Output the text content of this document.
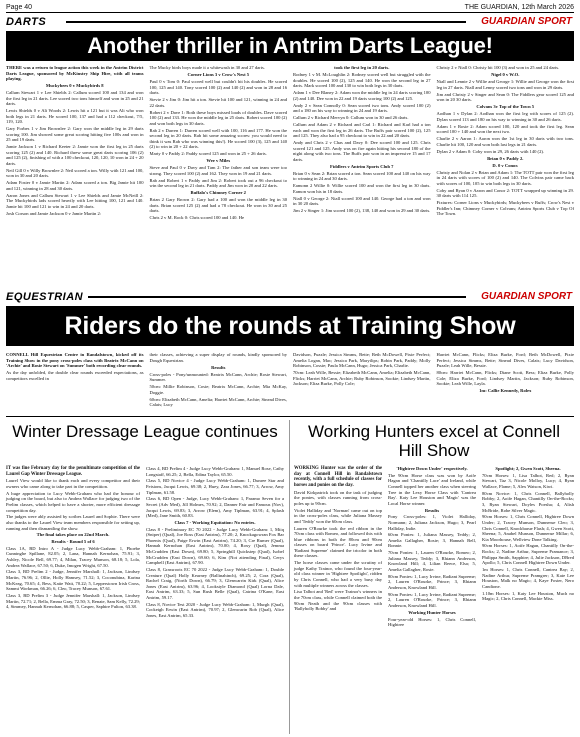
Page 40	THE GUARDIAN, 12th March 2026
DARTS	GUARDIAN SPORT
Another thriller in Antrim Darts League!

THERE was a return to league action this week in the Antrim District Darts League, sponsored by McKinstry Ship Hire, with all teams playing.

Muckybees 0 v Muckybirds 8

Callum Stewart 1 v Lee Shields 2: Callum scored 100 and 134 and won the first leg in 21 darts. Lee scored two tons himself and won in 25 and 21 darts.

Lewis Shields 0 v Ali Woods 2: Lewis hit a 121 but it was Ali who won both legs in 21 darts. He scored 100, 137 and had a 112 checkout, 7/5, 119, 120.

Gary Forbes 1 v Jim Brownlee 2: Gary won the middle leg in 29 darts scoring 100. Jim showed some great scoring hitting five 100s and won in 25 and 19 darts.

Jamie Jackson 1 v Richard Keeter 2: Jamie won the first leg in 25 darts scoring 125 (2) and 140. Richard threw some great darts scoring 106 (2) and 125 (2), finishing of with a 100 checkout, 120, 120, 10 won in 24 + 20 darts.

Neil Gill 0 v Willy Brownlee 2: Neil scored a ton. Willy with 121 and 100, won in 30 and 20 darts.

Adam Foster 0 v Jamie Martin 2: Adam scored a ton. Big Jamie hit 100 and 121, winning in 28 and 30 darts.

Aaron Jones and Callum Stewart 1 v Lee Shields and Jamie McNeill 2: The Muckybirds lads scored heavily with Lee hitting 100, 121 and 140. Jamie hit 100 and 121 to win in 24 and 20 darts.

Josh Corson and Jamie Jackson 0 v Jamie Martin 2:

The Mucky birds boys made it a whitewash in 30 and 27 darts.

Corner Lions 3 v Crow's Nest 5

Paul 0 v Tom 0: Paul scored well but couldn't hit his doubles. He scored 100, 125 and 140. Tony scored 100 (2) and 140 (2) and won in 28 and 16 darts.

Stevie 2 v Jim 0: Jim hit a ton. Stevie hit 100 and 121, winning in 24 and 22 darts.

Robert 2 v Dave 1: Both these boys missed loads of doubles. Dave scored 100 (2) and 133. He won the middle leg in 25 darts. Robert scored 100 (2) and won both legs in 30 darts.

Rab 2 v Darren 1: Darren scored well with 100, 116 and 177. He won the second leg in 20 darts. Rab hit some amazing scores: you would need to think it was Rab who was winning this!). He scored 100 (3), 125 and 140 (2) to win in 20 + 22 darts.

Marty 0 v Paddy 2: Paddy scored 125 and won in 25 + 26 darts.

Wee v Miles

Steve and Paul 0 v Davy and Tam 2: The father and son team were too strong. They scored 100 (2) and 162. They won in 19 and 21 darts.

Rab and Robert 1 v Paddy and Jim 2: Robert took out a 96 checkout to win the second leg in 21 darts. Paddy and Jim won in 20 and 22 darts.

Buffalo's Chimney Corner 2

Brian 2 Gary Brown 2: Gary had a 100 and won the middle leg in 30 darts. Brian scored 125 (2) and had a 78 checkout. He won in 30 and 25 darts.

Chris 2 v M. Rock 0: Chris scored 100 and 140. He

took the first leg in 20 darts.

Rodney 1 v M. McLoughlin 2: Rodney scored well but struggled with the doubles. He scored 100 (2), 125 and 140. He won the second leg in 27 darts. Mark scored 100 and 130 to win both legs in 30 darts.

Adam 1 v Dee Blaney 2: Adam won the middle leg in 24 darts scoring 100 (2) and 140. Dee won in 22 and 19 darts scoring 100 (2) and 125.

Andy 2 v Sean Connolly 0: Sean scored two tons. Andy scored 100 (2) and a 180 on his way to winning in 24 and 19 darts.

Callum 2 v Richard Mervyn 0: Callum won in 30 and 26 darts.

Callum and Adam 2 v Richard and Carl 1: Richard and Karl had a ton each and won the first leg in 26 darts. The Buffs pair scored 100 (2), 125 and 125. They also had a 95 checkout to win in 22 and 20 darts.

Andy and Chris 2 v Chas and Davy 0: Dee scored 100 and 125. Chris scored 121 and 125. Andy was on fire again hitting his second 180 of the night along with two tons. The Buffs pair won in an impressive 15 and 17 darts.

Fiddlers v Antrim Sports Club 7

Brian 0 v Sean 2: Brian scored a ton. Sean scored 100 and 140 on his way to winning in 24 and 30 darts.

Eamonn 2 Willie 0: Willie scored 100 and won the first leg in 30 darts. Eamon won his in 18 darts.

Niall 0 v George 2: Niall scored 100 and 140. George had a ton and won in 30 20 darts.

Jim 2 v Singer 1: Jim scored 100 (2), 138, 140 and won in 29 and 30 darts.

Christy 2 v Niall 0: Christy hit 100 (3) and won in 25 and 24 darts.

Nigel 0 v W.O.

Niall and Lennie 2 v Willie and George 1: Willie and George won the first leg in 27 darts. Niall and Lenny scored two tons and won in 29 darts.

Jim and Christy 2 v Singer and Sean 0: The Fiddlers gear scored 125 and won in 20 30 darts.

Colvans 3v Top of the Town 5

Aodhan 1 v Dylan 2: Aodhan won the first leg with scores of 125 (2). Dylan scored 113 and 180 on his way to winning in 30 and 26 darts.

Adam 1 v Rosie 2: Adam scored 100, 120 and took the first leg. Sean scored 100 + 140 and won the next two.

Charlie 2 v Aaron 1: Aaron won the 1st leg in 30 darts with two tons. Charlie hit 100, 120 and won both last legs in 21 darts.

Dylan 2 v Adam 0: Coby won in 29, 26 darts with 140 (2).

Brian 0 v Paddy 2.

D. 0 v Conor.

Christy and Nolan 2 v Brian and Adam 1: The TOTT pair won the first leg in 24 darts with scores of 100 (2) and 140. The Colvins pair came back with scores of 100, 105 to win both legs in 30 darts.

Coby and Ryan 0 v Aaron and Conor 2: TOTT wrapped up winning in 29. 30 darts with 114 125.

Fixtures: Corner Lions v Muckybirds; Muckybees v Buffs; Crow's Nest v Fiddler's Inn; Chimney Corner v Colvans; Antrim Sports Club v Top Of The Town.

EQUESTRIAN	GUARDIAN SPORT
Riders do the rounds at Training Show

CONNELL Hill Equestrian Centre in Randalstown, kicked off its Training Show in the pony cross-poles class with Beatrix McCann on 'Archie' and Rosie Stewart on 'Summer' both recording clear rounds.

As the day unfolded, the double clear rounds exceeded expectations, as competitors excelled in

their classes, achieving a super display of rounds, kindly sponsored by Dough Equestrian.

Results

Cross-poles - Pony/unmounted: Beatrix McCann, Archie; Rosie Stewart, Summer.

50cm: Millie Robinson, Cosie; Beatrix McCann, Archie; Mia McKay, Doggie.

60cm: Elizabeth McCann, Amelia; Harriet McCann, Archie; Sinead Dives, Calais; Lucy

Davidson, Puzzle; Jessica Simms, Bette; Beth McDowell, Pixie Perfect; Amelia Logan, Mac; Jessica Park, Maryilips; Robin Park, Paddy; Molly Robinson, Cossie; Paula McCann, Hugo; Jessica Park, Charlie.

70cm: Leah Wille, Bessie; Elizabeth McCann, Amelia; Elizabeth McCann, Flicks; Harriet McCann, Archie; Ruby Robinson, Sookie; Lindsey Martin, Jackson; Eliza Burke, Polly Cole;

Harriet McCann, Flicks; Eliza Burke, Ford; Beth McDowell, Pixie Perfect; Jessica Simms, Bette; Sinead Dives, Calais; Lucy Davidson, Puzzle; Leah Wille, Bessie.

80cm: Harriet McCann, Flicks; Diane Scott, Bess; Eliza Burke, Polly Cole; Eliza Burke, Ford; Lindsey Martin, Jackson; Ruby Robinson, Sookie; Leah Wille, Layla.

1m: Callie Kennedy, Rolex

Winter Dressage League continues

IT was fine February day for the penultimate competition of the Laurel Gap Winter Dressage League.

Laurel View would like to thank each and every competitor and their owners who came along to take part in the competition.

A huge appreciation to Lucy Webb-Graham who had the honour of judging on the board, but also to Andrea Wallace for judging two of the Prelim classes, which helped to have a shorter, more efficient dressage competition day.

The judges were ably assisted by scribes Laurel and Sophie. There were also thanks to the Laurel View team members responsible for setting up, running and then dismantling the show.

The final takes place on 22nd March.

Results - Round 5 of 6

Class 1A, BD Intro A - Judge Lucy Webb-Graham: 1, Phoebe Cunninghe Spillane, 82.05; 2, Lana, Hannah Kernohan, 75.91; 3, Ashley, Nicole Bell, 69.77; 4, Milan, Tracey Munson, 68.18; 5, Lola, Andrea Wallace, 67.50; 6, Duke, Imogen Wright, 67.50.

Class 3, BD Prelim 2 - Judge, Jennifer Marshall: 1, Jackson, Lindsey Martin, 76.96; 2, Ollie, Holly Hamsey, 71.52; 3, Coconubina, Karina McKeag, 70.65; 4, Bess, Katie Watt, 70.22; 5, Lepperstown Irish Cross, Sammi Workman, 66.26; 6, Cleo, Tracey Munson, 67.61.

Class 3, BD Prelim 3 - Judge Jennifer Marshall: 1, Jackson, Lindsey Martin, 72.71; 2, Bella, Emma Gray, 72.50; 3, Renaie, Sam Kelly, 72.29; 4, Simmey, Hannah Kernohan, 66.88; 5, Casper, Saphire Fulton, 63.38.

Class 4, BD Prelim 4 - Judge Lucy Webb-Graham: 1, Manuel Rose, Cathy Longstaff, 66.25; 2, Bella, Edina Taylor, 65.50.

Class 5, BD Novice 4 - Judge Lucy Webb-Graham: 1, Dunree Star and Feisions, Jacqui Lewis, 69.38; 2, Huey, Zara Jones, 66.77; 3, Arrow, Amy Tiplman, 61.58.

Class 6, BD Open - Judge, Lucy Webb-Graham: 1, Paramo Seven for a Secret (Adv Med), Jill Holmes, 70.92; 2, Danner Fair and Famous (Nov), Jacqui Lewis, 69.83; 3, Arrow (Elem), Amy Tiplman, 63.91; 4, Splash (Med), Jane Smith, 60.83.

Class 7 - Working Equitation: No entries.

Class 8 - Preliminary EC 70 2022 - Judge Lucy Webb-Graham: 1, Miiq (Sniper) (Qual), Joe Ross (East Antrim), 77.20; 2, Knockagowran Fox Bar Phoenix (Qual), Paige Erwin (East Antrim), 74.20; 3, Cre Rumer (Qual), Hannah Kernohan (East Antrim), 70.00; 4, Roxy (Qual), Jemma McCrudden (East Down), 69.80; 5, Springhill Quickstep (Qual), Isobel McCrudden (East Down), 69.60; 6, Kim (Not attending Final), Cerys Campbell (East Antrim), 67.90.

Class 8, Grassroots EC 70 2022 - Judge Lucy Webb-Graham: 1, Double Creature (Qual) Holly Kearney (Ballinahinch), 69.25; 2, Cora (Qual), Rachel Craig, (North Down), 66.79; 3, Glenwarrin Kirk (Qual), Alice Jones (East Antrim), 63.96; 4, Lookstyle Diamond (Qual) Lorna Dale, East Antrim, 63.33; 5, Sun Rush Belle (Qual), Catrina O'Kane, East Antrim, 59.17.

Class 8, Novice Test 2020 - Judge Lucy Webb-Graham: 1, Murgh (Qual), Cockeigh Erwin (East Antrim), 70.97; 2, Glenwarin Rob (Qual), Alice Jones, East Antrim, 65.33.

Working Hunters excel at Connell Hill Show

WORKING Hunter was the order of the day at Connell Hill in Randalstown recently, with a full schedule of classes for horses and ponies on the day.

David Kirkpatrick took on the task of judging the ponies, with classes running from cross-poles up to 90cm.

Violet Halliday and 'Norman' came out on top in the cross-poles class, while Juliana Massey and 'Teddy' won the 60cm class.

Lauren O'Rourke took the red ribbon in the 70cm class with Romeo, and followed this with blue ribbons in both the 80cm and 90cm classes on board 'Prince'. Lucy Irvine and 'Radiant Supreme' claimed the tricolor in both these classes.

The horse classes came under the scrutiny of judge Kathy Trainor, who found the four-year-old class winner in 'Hightree Spotlight', ridden by Chris Connell, who had a very busy day with multiple winners across the classes.

Lisa Talbot and 'Red' were Trainor's winners in the 70cm class, while Connell claimed both the 90cm Neath and the 90cm classes with 'Ballyholly Bobby' and

'Hightree Down Under' respectively.

The 90cm Horse class was won by Aoife Hagan and 'Chantilly Lace' and Ireland, while Connell topped her another class when steering Tree in the Lexy Horse Class with 'Cantrea Bay'. Katy Lee Houston and 'Magic' was the Local Horse winner.

Results

Pony Cross-poles: 1, Violet Halliday, Normann; 2, Juliana Jackson, Hugo; 3, Pearl Halliday, Indie.

60cm Ponies: 1, Juliana Massey, Teddy; 2, Amelia Gallagher, Rosie; 3, Hannah Bell, Bonnie.

70cm Ponies: 1, Lauren O'Rourke, Romeo; 2, Juliana Massey, Teddy; 3, Rhiann Anderson, Knowland Hill; 4, Lilian Reece, Elsa; 5, Amelia Gallagher, Rosie.

80cm Ponies: 1, Lucy Irvine, Radiant Supreme; 2, Lauren O'Rourke, Prince; 3, Rhiann Anderson, Knowland Hill.

90cm Ponies: 1, Lucy Irvine, Radiant Supreme; 2, Lauren O'Rourke, Prince; 3, Rhiann Anderson, Knowland Hill.

Working Hunter Horses

Four-year-old Horses: 1, Chris Connell, Hightree

Spotlight; 2, Gwen Scott, Sheena.

70cm Horses: 1, Lisa Talbot, Red; 2, Ryan Stewart, Taz 3, Nicole Molloy, Lucy; 4, Ryan Wallace, Flame; 5, Alex Watson, Kiwi.

80cm Novice: 1, Chris Connell, Ballyholly Bobby; 2, Aoife Hagan, Chantilly On-the-Rocks; 3, Ryan Stewart, Doyles Poesha; 4, Alish McBride, Robe Silver Magic.

90cm Horses: 1, Chris Connell, Hightree Down Under; 2, Tracey Munson, Dunnerue Cleo; 3, Chris Connell, Knockbarue Flash; 4, Gwen Scott, Sheena; 5, Anabel Munson, Dunnerue Millar; 6, Kia Moorhouse, Wellview Done Talking.

90cm Horses: 1, Aoife Hagan, Chantilly On-the-Rocks; 2, Nadine Arthur, Supreme Pramance; 3, Philippa Smith, Sapphire; 4, Julie Jackson, DBred Apollo; 5, Chris Connell Hightree Down Under.

1m Horses: 1, Chris Connell, Cantrea Bay; 2, Nadine Arthur, Supreme Pramgrer; 3, Kate Lee Houston, Malk no Magic; 4, Kaye Foster, Nero Candione.

1.10m Horses: 1, Katy Lee Houston, Much no Magic; 2, Chris Connell, Mackie Miss.
